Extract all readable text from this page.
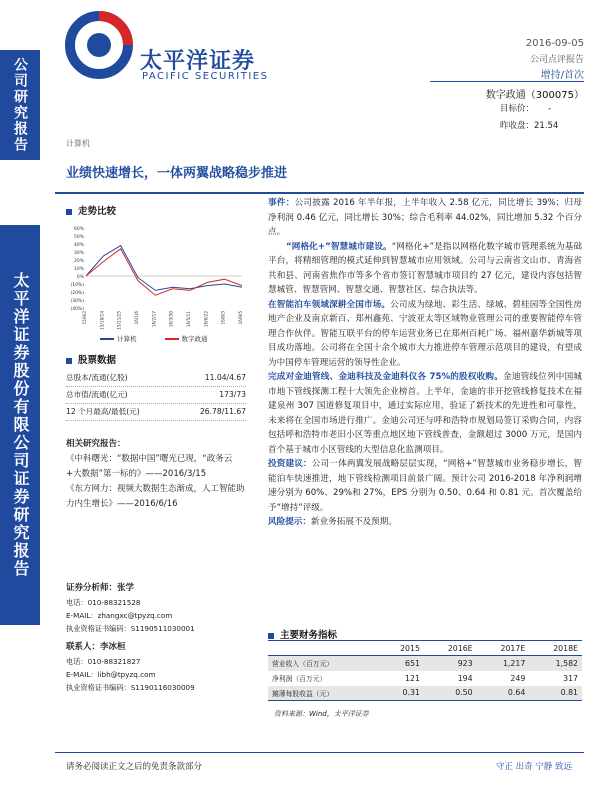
公司研究报告
太平洋证券股份有限公司证券研究报告
太平洋证券
PACIFIC SECURITIES
2016-09-05
公司点评报告
增持/首次
数字政通（300075）
目标价： -
昨收盘：21.54
计算机
业绩快速增长，一体两翼战略稳步推进
走势比较
60%
50%
40%
30%
20%
10%
0%
(10%)
(20%)
(30%)
(40%)
15/9/2	15/10/14	15/11/25	16/1/6	16/2/17	16/3/30	16/5/11	16/6/22	16/8/3	16/9/5
计算机	数字政通
股票数据
总股本/流通(亿股)	11.04/4.67
总市值/流通(亿元)	173/73
12 个月最高/最低(元)	26.78/11.67
相关研究报告：
《中科曙光：“数据中国”曙光已现，“政务云+大数据”第一标的》——2016/3/15
《东方网力：视频大数据生态渐成，人工智能助力内生增长》——2016/6/16
证券分析师：张学
电话：010-88321528
E-MAIL：zhangxc@tpyzq.com
执业资格证书编码：S1190511030001
联系人：李冰桓
电话：010-88321827
E-MAIL：libh@tpyzq.com
执业资格证书编码：S1190116030009

事件：公司披露 2016 年半年报，上半年收入 2.58 亿元，同比增长 39%；归母净利润 0.46 亿元，同比增长 30%；综合毛利率 44.02%，同比增加 5.32 个百分点。

“网格化+”智慧城市建设。“网格化+”是指以网格化数字城市管理系统为基础平台，将精细管理的模式延伸到智慧城市应用领域。公司与云南省文山市、青海省共和县、河南省焦作市等多个省市签订智慧城市项目约 27 亿元，建设内容包括智慧城管、智慧管网、智慧交通、智慧社区、综合执法等。

在智能泊车领域深耕全国市场。公司成为绿地、彩生活、绿城、碧桂园等全国性房地产企业及南京新百、郑州鑫苑、宁波亚太等区域物业管理公司的重要智能停车管理合作伙伴。智能互联平台的停车运营业务已在郑州百耗广场、福州嘉华新城等项目成功落地。公司将在全国十余个城市大力推进停车管理示范项目的建设，有望成为中国停车管理运营的领导性企业。

完成对金迪管线、金迪科技及金迪科仪各 75%的股权收购。金迪管线位列中国城市地下管线探测工程十大领先企业榜首。上半年，金迪的非开挖管线修复技术在福建泉州 307 国道修复项目中，通过实际应用，验证了新技术的先进性和可靠性，未来将在全国市场进行推广。金迪公司还与呼和浩特市规划局签订采购合同，内容包括呼和浩特市老旧小区等重点地区地下管线普查，金额超过 3000 万元，是国内首个基于城市小区管线的大型信息化监测项目。

投资建议：公司一体两翼发展战略层层实现，“网格+”智慧城市业务稳步增长，智能泊车快速推进，地下管线检测项目前景广阔。预计公司 2016-2018 年净利润增速分别为 60%、29%和 27%，EPS 分别为 0.50、0.64 和 0.81 元。首次覆盖给予“增持”评级。

风险提示：新业务拓展不及预期。

主要财务指标
	2015	2016E	2017E	2018E
营业收入（百万元）	651	923	1,217	1,582
净利润（百万元）	121	194	249	317
摊薄每股收益（元）	0.31	0.50	0.64	0.81
资料来源：Wind，太平洋证券
请务必阅读正文之后的免责条款部分	守正 出奇 宁静 致远
